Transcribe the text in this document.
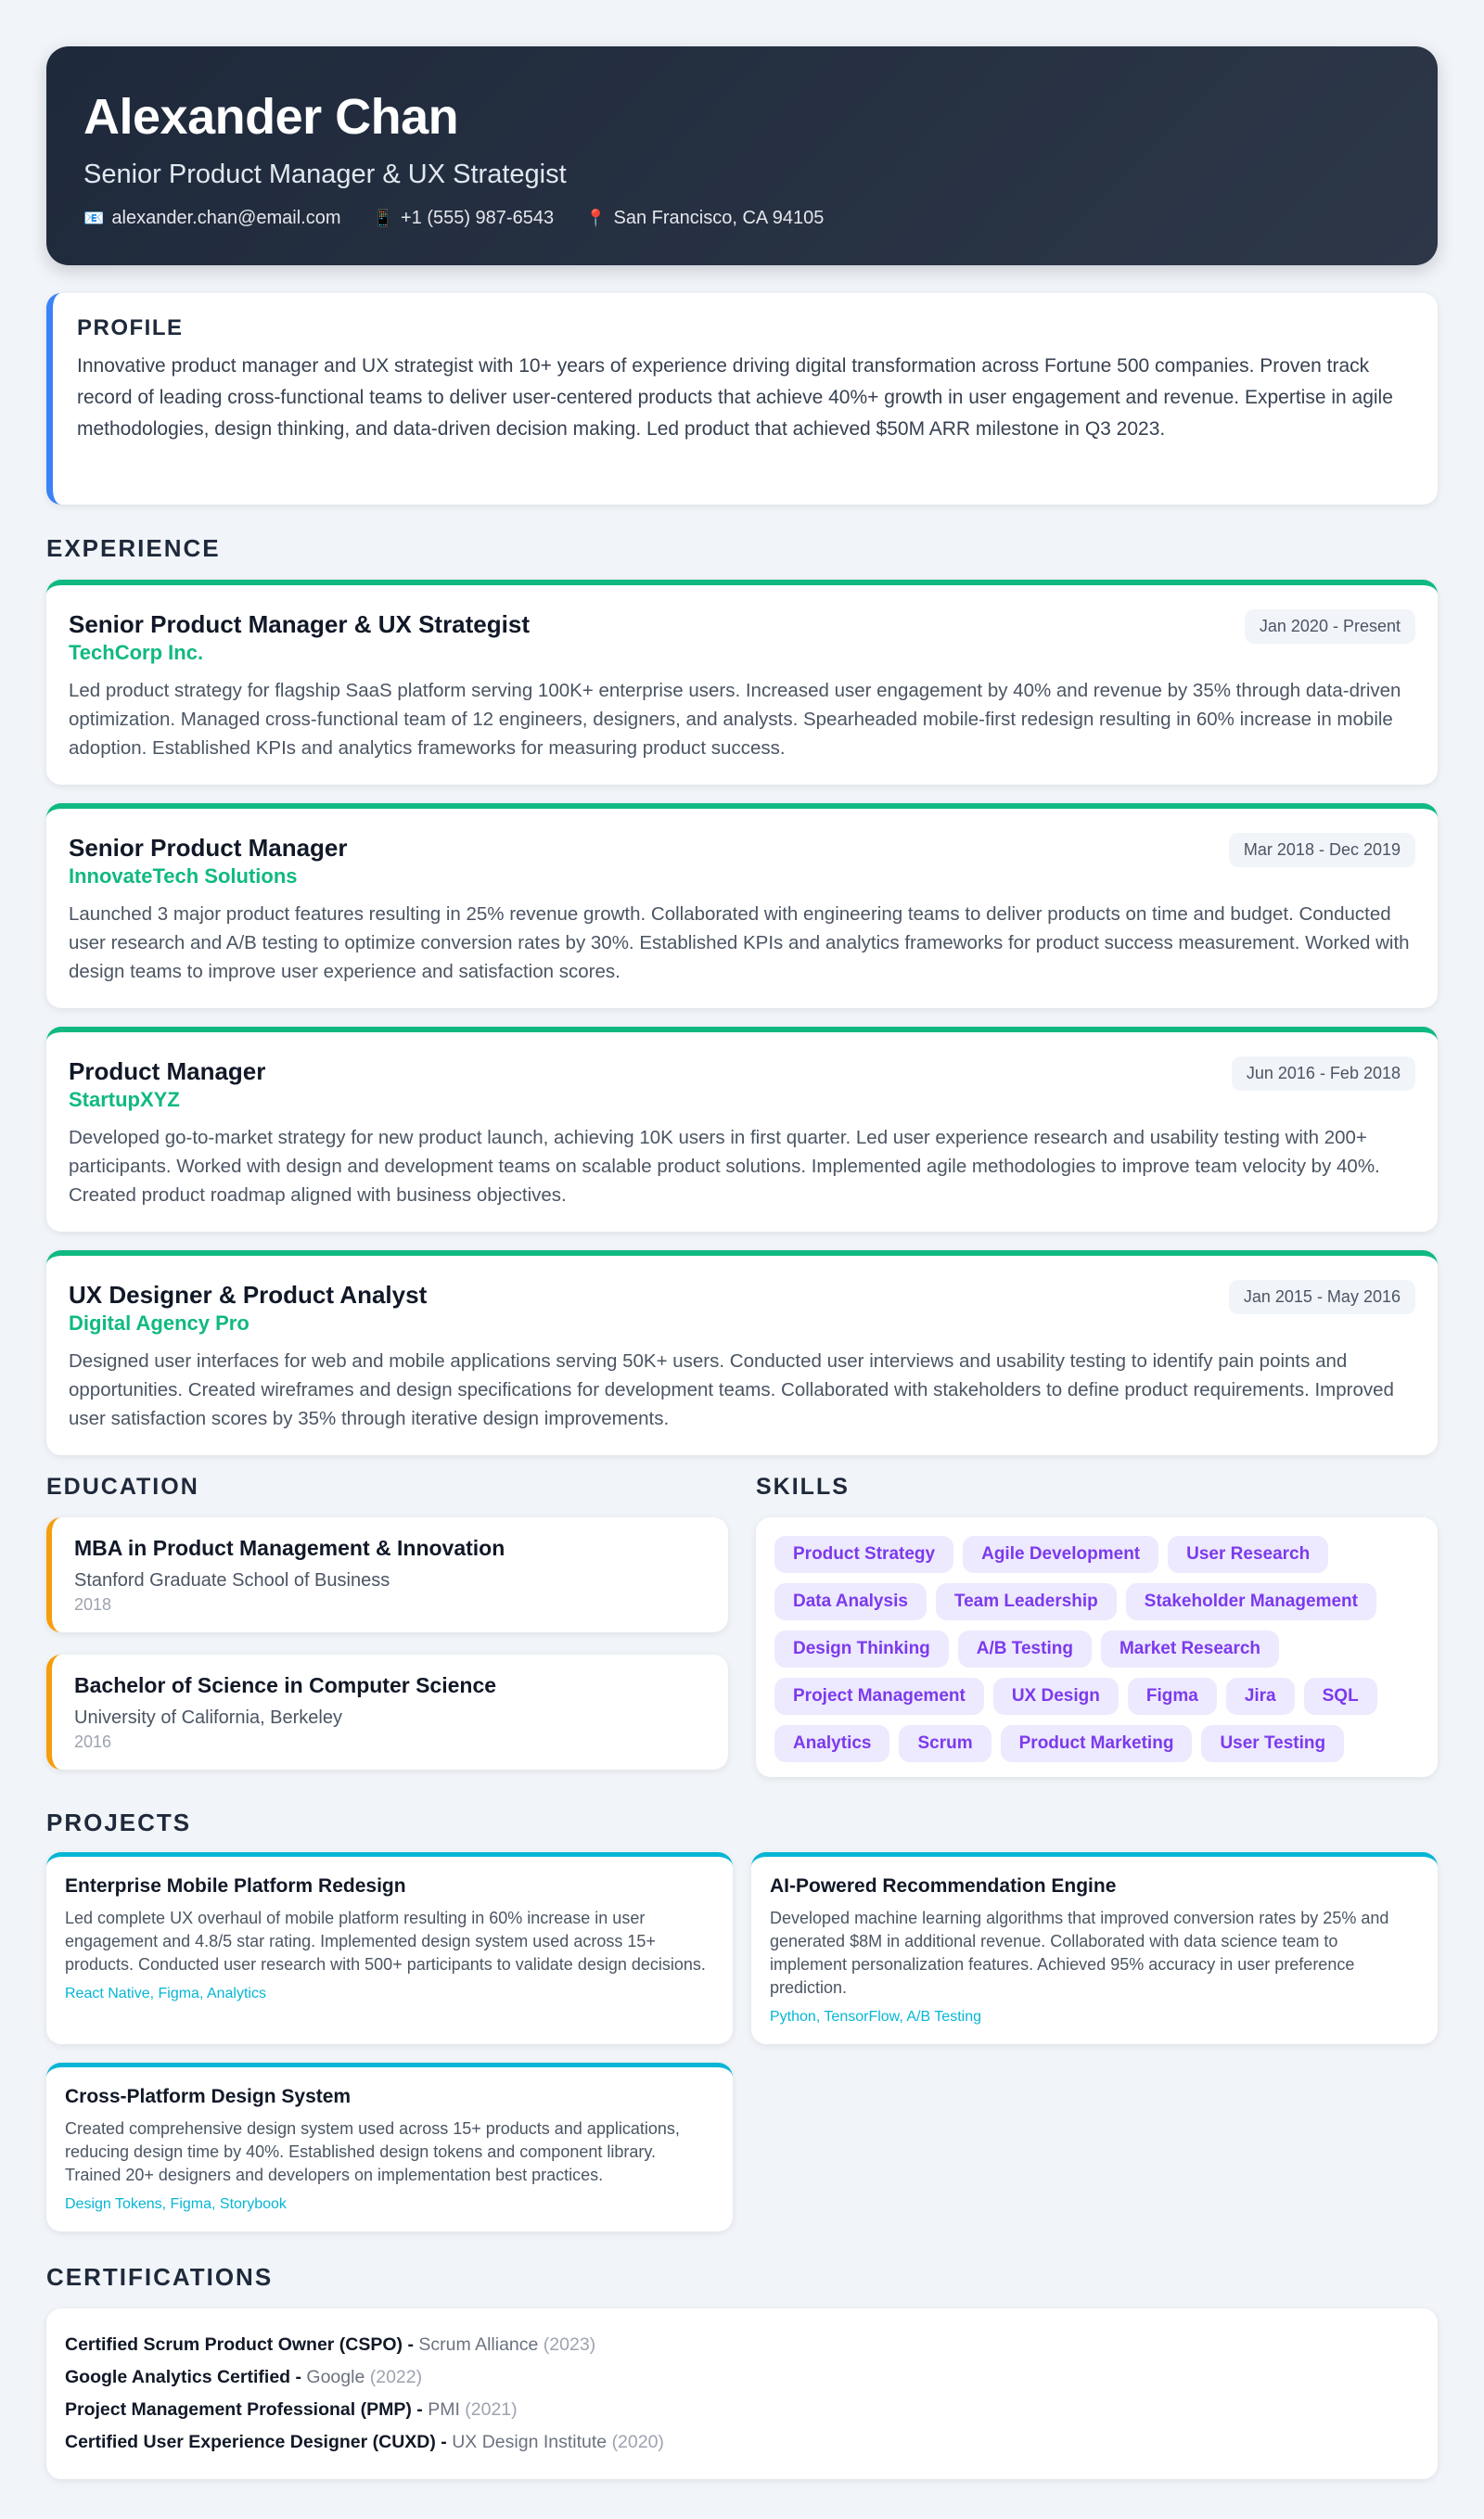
Alexander Chan
Senior Product Manager & UX Strategist
📧 alexander.chan@email.com 📱 +1 (555) 987-6543 📍 San Francisco, CA 94105
PROFILE

Innovative product manager and UX strategist with 10+ years of experience driving digital transformation across Fortune 500 companies. Proven track record of leading cross-functional teams to deliver user-centered products that achieve 40%+ growth in user engagement and revenue. Expertise in agile methodologies, design thinking, and data-driven decision making. Led product that achieved $50M ARR milestone in Q3 2023.

EXPERIENCE
Senior Product Manager & UX Strategist
TechCorp Inc.
Jan 2020 - Present

Led product strategy for flagship SaaS platform serving 100K+ enterprise users. Increased user engagement by 40% and revenue by 35% through data-driven optimization. Managed cross-functional team of 12 engineers, designers, and analysts. Spearheaded mobile-first redesign resulting in 60% increase in mobile adoption. Established KPIs and analytics frameworks for measuring product success.

Senior Product Manager
InnovateTech Solutions
Mar 2018 - Dec 2019

Launched 3 major product features resulting in 25% revenue growth. Collaborated with engineering teams to deliver products on time and budget. Conducted user research and A/B testing to optimize conversion rates by 30%. Established KPIs and analytics frameworks for product success measurement. Worked with design teams to improve user experience and satisfaction scores.

Product Manager
StartupXYZ
Jun 2016 - Feb 2018

Developed go-to-market strategy for new product launch, achieving 10K users in first quarter. Led user experience research and usability testing with 200+ participants. Worked with design and development teams on scalable product solutions. Implemented agile methodologies to improve team velocity by 40%. Created product roadmap aligned with business objectives.

UX Designer & Product Analyst
Digital Agency Pro
Jan 2015 - May 2016

Designed user interfaces for web and mobile applications serving 50K+ users. Conducted user interviews and usability testing to identify pain points and opportunities. Created wireframes and design specifications for development teams. Collaborated with stakeholders to define product requirements. Improved user satisfaction scores by 35% through iterative design improvements.

EDUCATION
MBA in Product Management & Innovation
Stanford Graduate School of Business
2018
Bachelor of Science in Computer Science
University of California, Berkeley
2016
SKILLS
Product Strategy	Agile Development	User Research
Data Analysis	Team Leadership	Stakeholder Management
Design Thinking	A/B Testing	Market Research
Project Management	UX Design	Figma	Jira	SQL
Analytics	Scrum	Product Marketing	User Testing
PROJECTS
Enterprise Mobile Platform Redesign

Led complete UX overhaul of mobile platform resulting in 60% increase in user engagement and 4.8/5 star rating. Implemented design system used across 15+ products. Conducted user research with 500+ participants to validate design decisions.

React Native, Figma, Analytics
AI-Powered Recommendation Engine

Developed machine learning algorithms that improved conversion rates by 25% and generated $8M in additional revenue. Collaborated with data science team to implement personalization features. Achieved 95% accuracy in user preference prediction.

Python, TensorFlow, A/B Testing
Cross-Platform Design System

Created comprehensive design system used across 15+ products and applications, reducing design time by 40%. Established design tokens and component library. Trained 20+ designers and developers on implementation best practices.

Design Tokens, Figma, Storybook
CERTIFICATIONS
Certified Scrum Product Owner (CSPO) - Scrum Alliance (2023)
Google Analytics Certified - Google (2022)
Project Management Professional (PMP) - PMI (2021)
Certified User Experience Designer (CUXD) - UX Design Institute (2020)
